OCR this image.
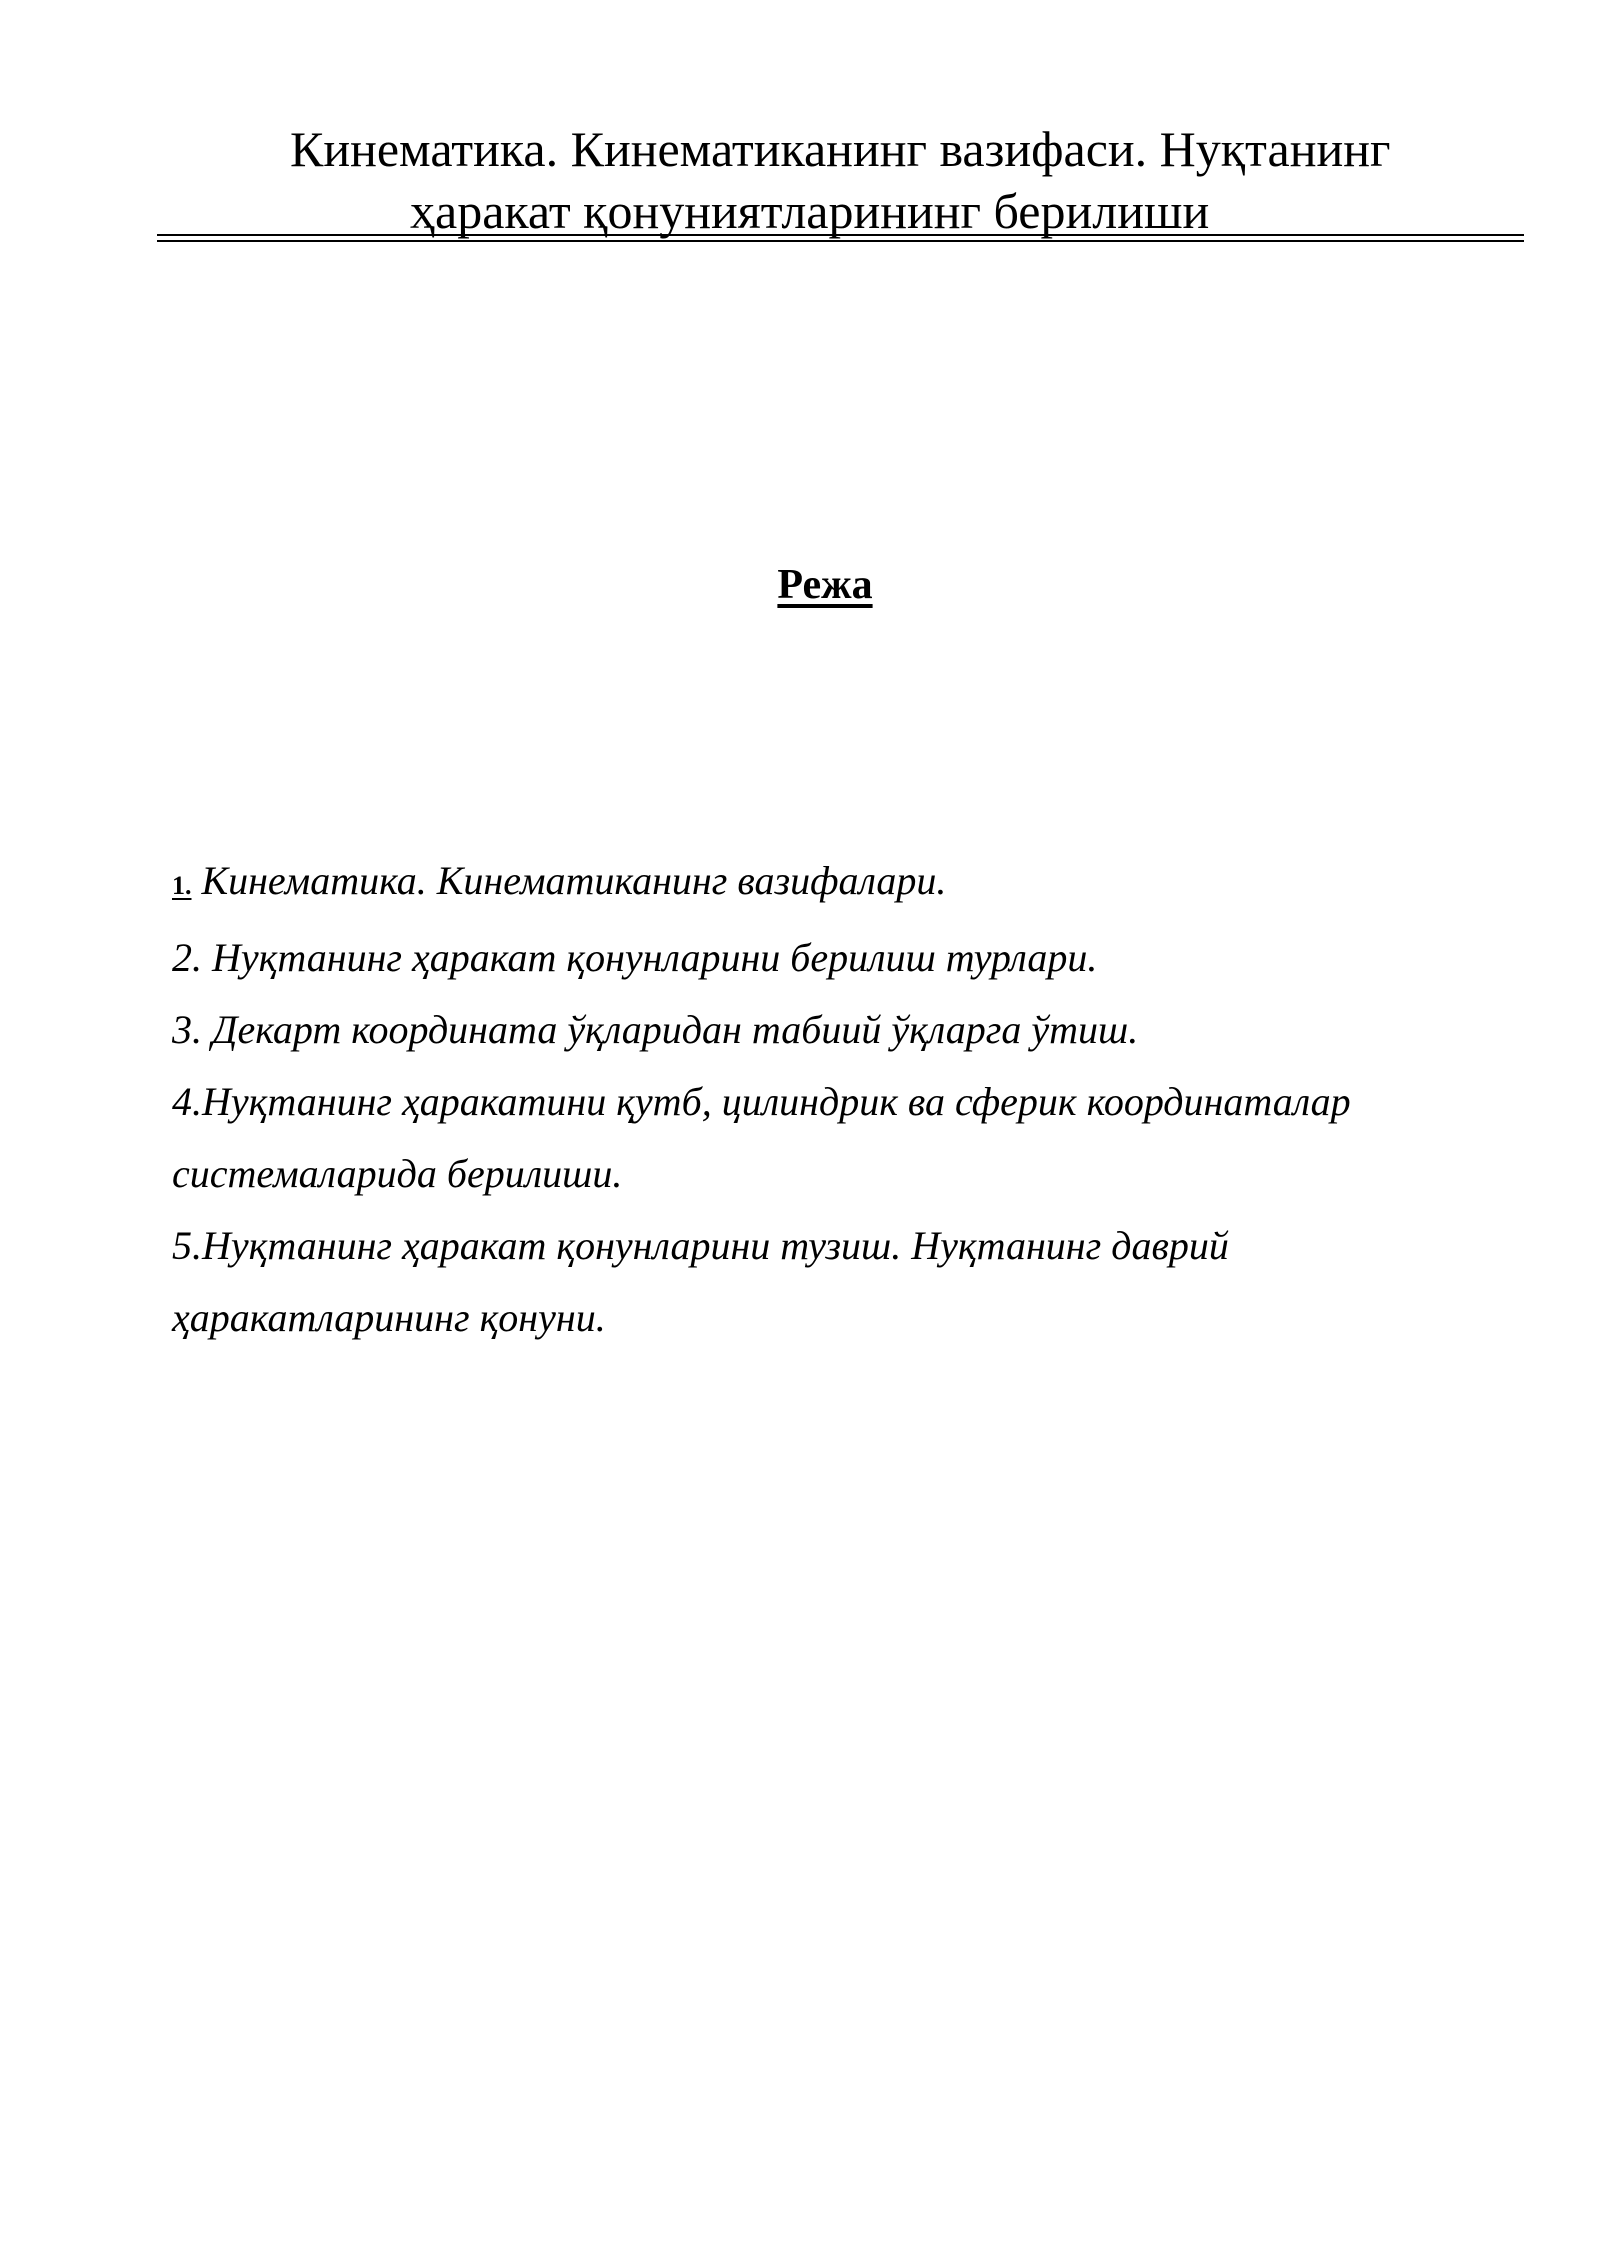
Кинематика. Кинематиканинг вазифаси. Нуқтанинг
ҳаракат қонуниятларининг берилиши
Режа
1. Кинематика. Кинематиканинг вазифалари.
2. Нуқтанинг ҳаракат қонунларини берилиш турлари.
3. Декарт координата ўқларидан табиий ўқларга ўтиш.
4.Нуқтанинг ҳаракатини қутб, цилиндрик ва сферик координаталар
системаларида берилиши.
5.Нуқтанинг ҳаракат қонунларини тузиш. Нуқтанинг даврий
ҳаракатларининг қонуни.
